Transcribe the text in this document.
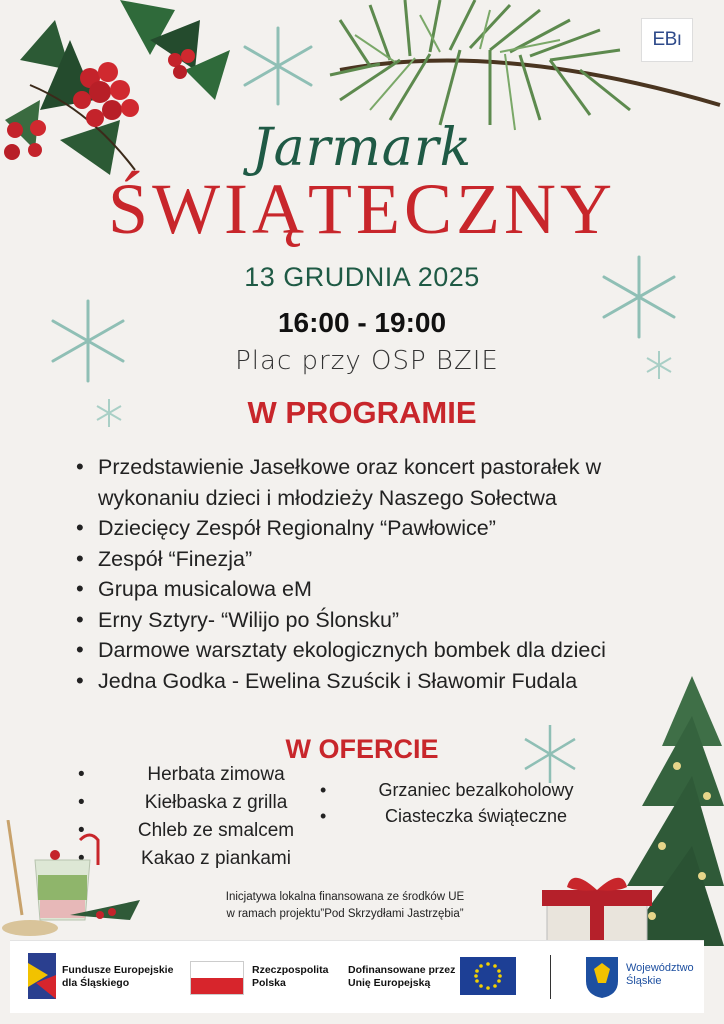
EBı
Jarmark
ŚWIĄTECZNY
13 GRUDNIA 2025
16:00 - 19:00
Plac przy OSP BZIE
W PROGRAMIE
• Przedstawienie Jasełkowe oraz koncert pastorałek w wykonaniu dzieci i młodzieży Naszego Sołectwa
• Dziecięcy Zespół Regionalny “Pawłowice”
• Zespół “Finezja”
• Grupa musicalowa eM
• Erny Sztyry- “Wilijo po Ślonsku”
• Darmowe warsztaty ekologicznych bombek dla dzieci
• Jedna Godka - Ewelina Szuścik i Sławomir Fudala
W OFERCIE
• Herbata zimowa
• Kiełbaska z grilla
• Chleb ze smalcem
• Kakao z piankami
• Grzaniec bezalkoholowy
• Ciasteczka świąteczne
Inicjatywa lokalna finansowana ze środków UE
w ramach projektu”Pod Skrzydłami Jastrzębia”
Fundusze Europejskie
dla Śląskiego
Rzeczpospolita
Polska
Dofinansowane przez
Unię Europejską
Województwo
Śląskie
